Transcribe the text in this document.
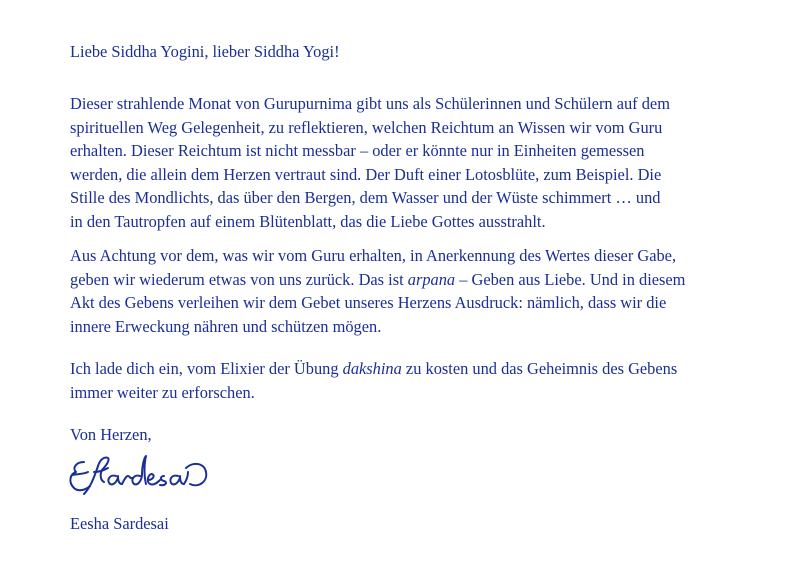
Liebe Siddha Yogini, lieber Siddha Yogi!

Dieser strahlende Monat von Gurupurnima gibt uns als Schülerinnen und Schülern auf dem
spirituellen Weg Gelegenheit, zu reflektieren, welchen Reichtum an Wissen wir vom Guru
erhalten. Dieser Reichtum ist nicht messbar – oder er könnte nur in Einheiten gemessen
werden, die allein dem Herzen vertraut sind. Der Duft einer Lotosblüte, zum Beispiel. Die
Stille des Mondlichts, das über den Bergen, dem Wasser und der Wüste schimmert … und
in den Tautropfen auf einem Blütenblatt, das die Liebe Gottes ausstrahlt.

Aus Achtung vor dem, was wir vom Guru erhalten, in Anerkennung des Wertes dieser Gabe,
geben wir wiederum etwas von uns zurück. Das ist arpana – Geben aus Liebe. Und in diesem
Akt des Gebens verleihen wir dem Gebet unseres Herzens Ausdruck: nämlich, dass wir die
innere Erweckung nähren und schützen mögen.

Ich lade dich ein, vom Elixier der Übung dakshina zu kosten und das Geheimnis des Gebens
immer weiter zu erforschen.

Von Herzen,

Eesha Sardesai
